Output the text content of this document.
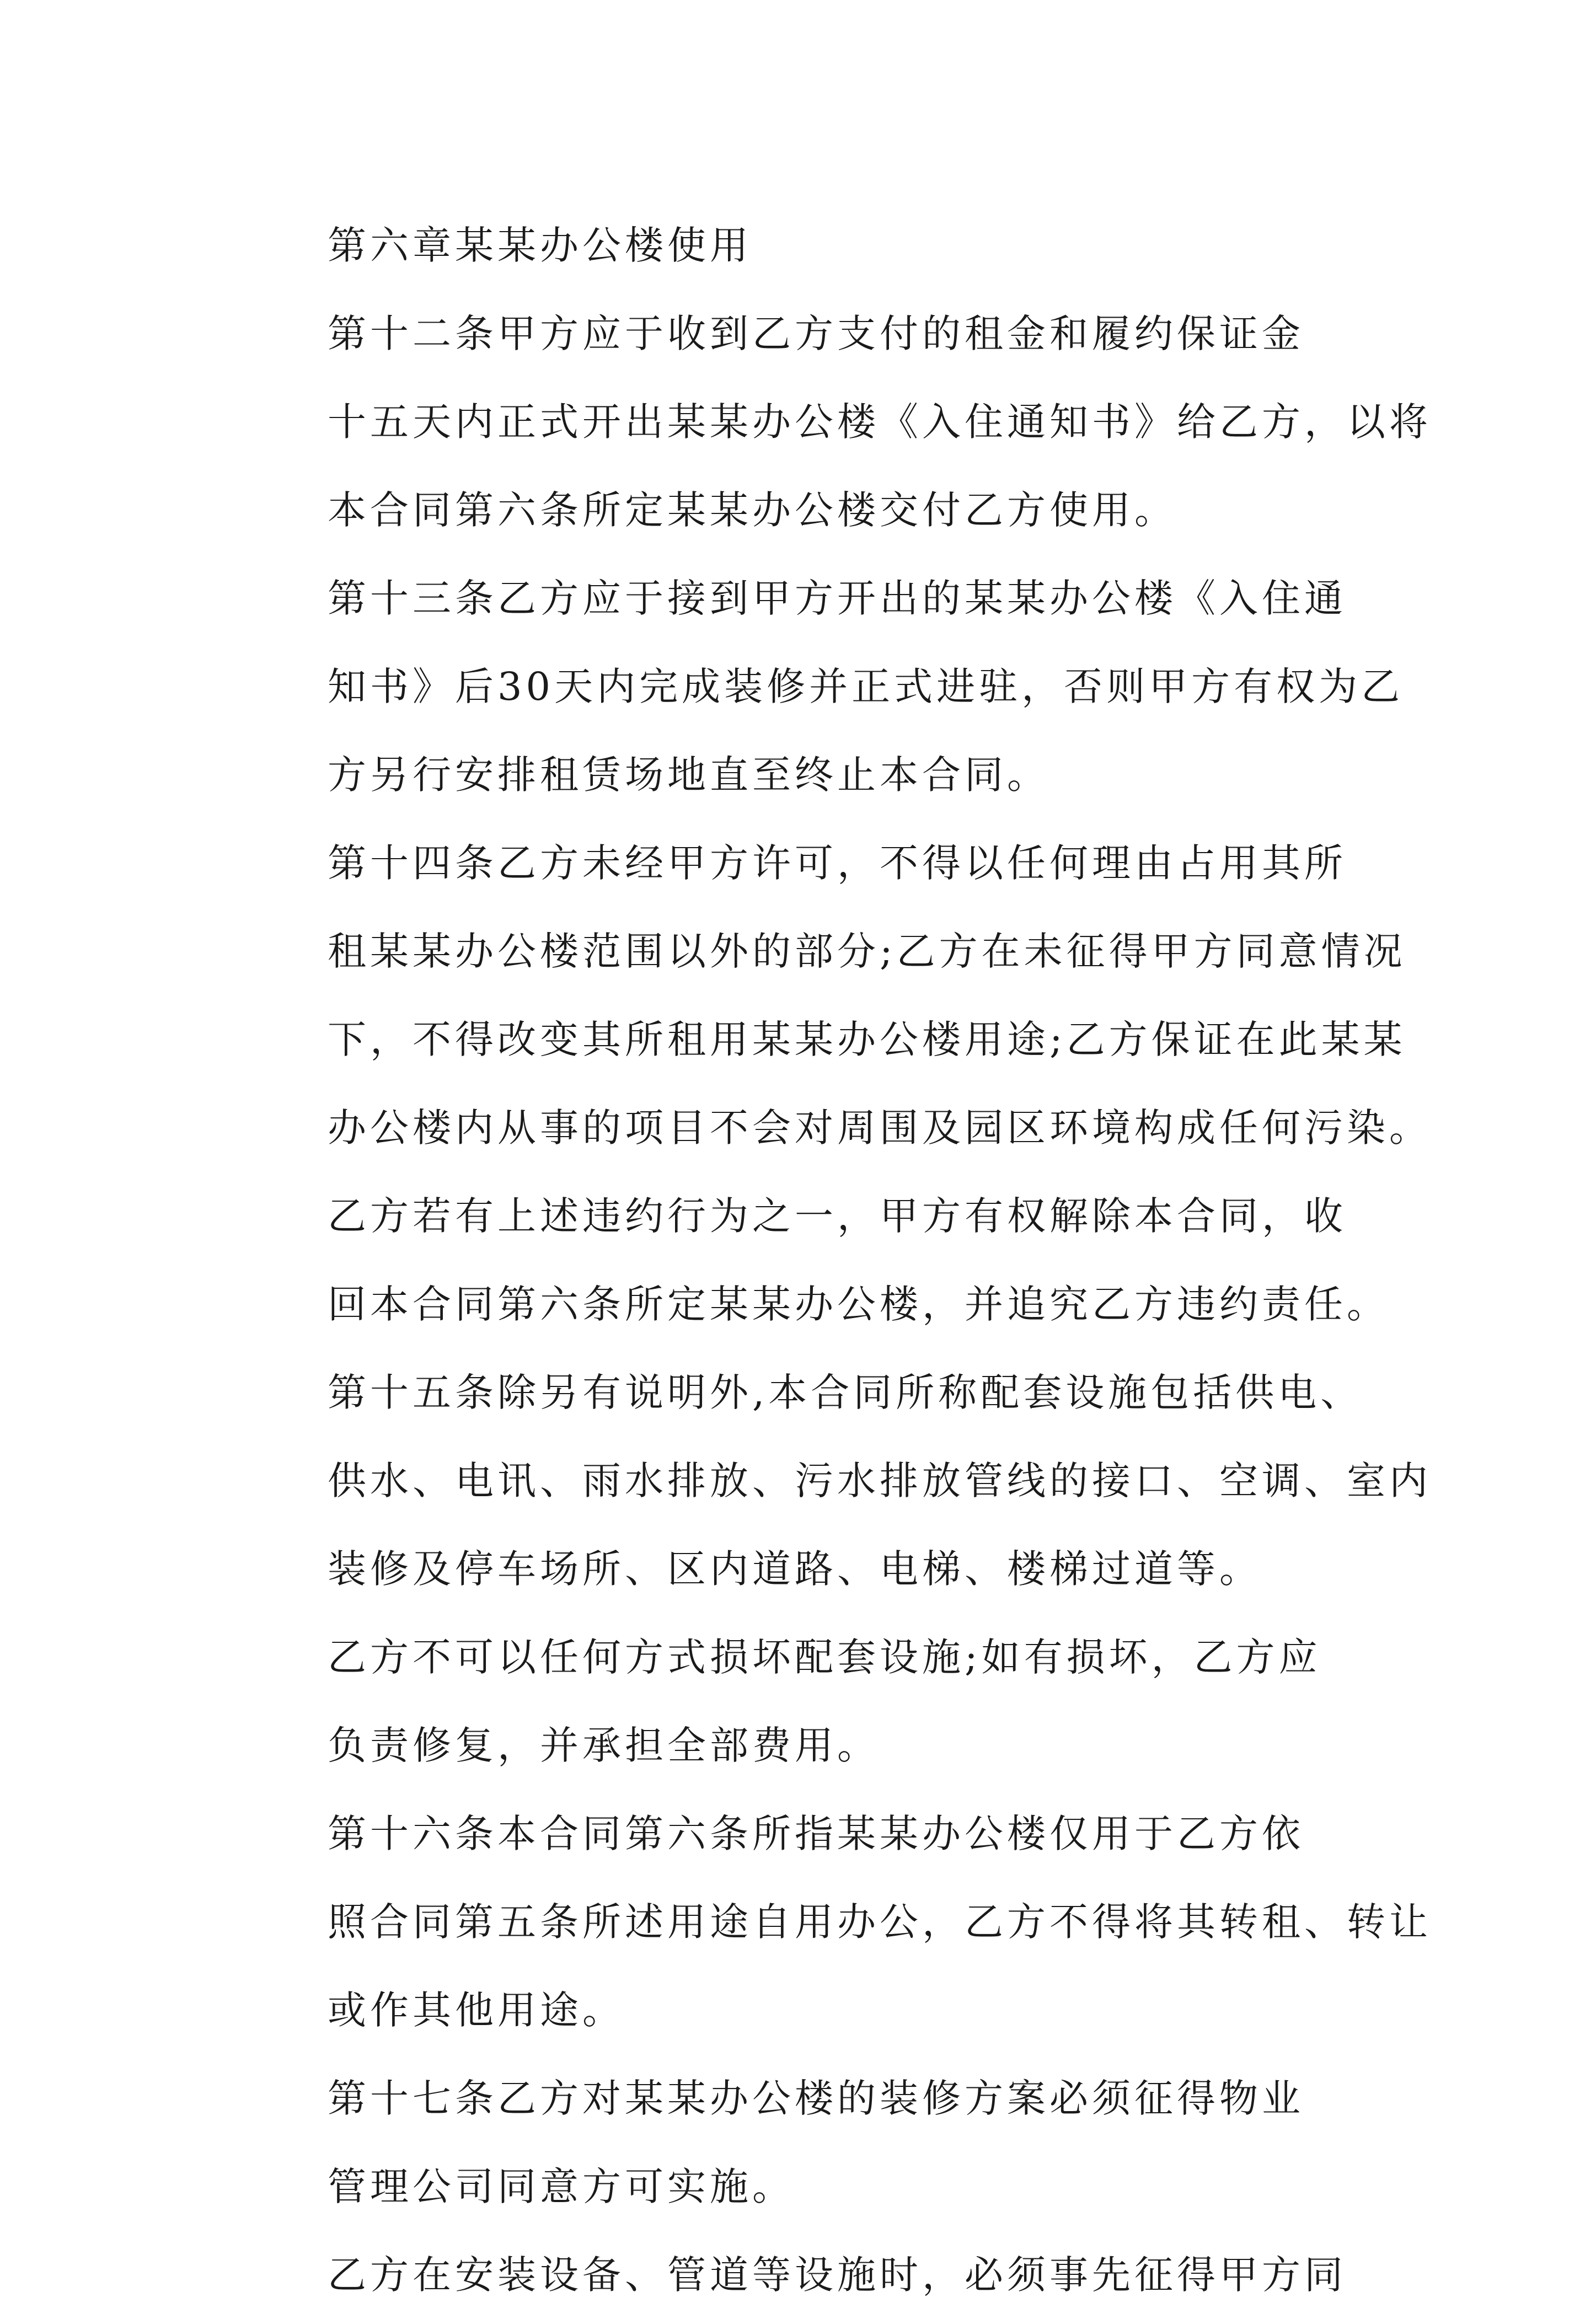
第六章某某办公楼使用

第十二条甲方应于收到乙方支付的租金和履约保证金
十五天内正式开出某某办公楼《入住通知书》给乙方，以将
本合同第六条所定某某办公楼交付乙方使用。

第十三条乙方应于接到甲方开出的某某办公楼《入住通
知书》后30天内完成装修并正式进驻，否则甲方有权为乙
方另行安排租赁场地直至终止本合同。

第十四条乙方未经甲方许可，不得以任何理由占用其所
租某某办公楼范围以外的部分;乙方在未征得甲方同意情况
下，不得改变其所租用某某办公楼用途;乙方保证在此某某
办公楼内从事的项目不会对周围及园区环境构成任何污染。

乙方若有上述违约行为之一，甲方有权解除本合同，收
回本合同第六条所定某某办公楼，并追究乙方违约责任。

第十五条除另有说明外,本合同所称配套设施包括供电、
供水、电讯、雨水排放、污水排放管线的接口、空调、室内
装修及停车场所、区内道路、电梯、楼梯过道等。

乙方不可以任何方式损坏配套设施;如有损坏，乙方应
负责修复，并承担全部费用。

第十六条本合同第六条所指某某办公楼仅用于乙方依
照合同第五条所述用途自用办公，乙方不得将其转租、转让
或作其他用途。

第十七条乙方对某某办公楼的装修方案必须征得物业
管理公司同意方可实施。

乙方在安装设备、管道等设施时，必须事先征得甲方同
